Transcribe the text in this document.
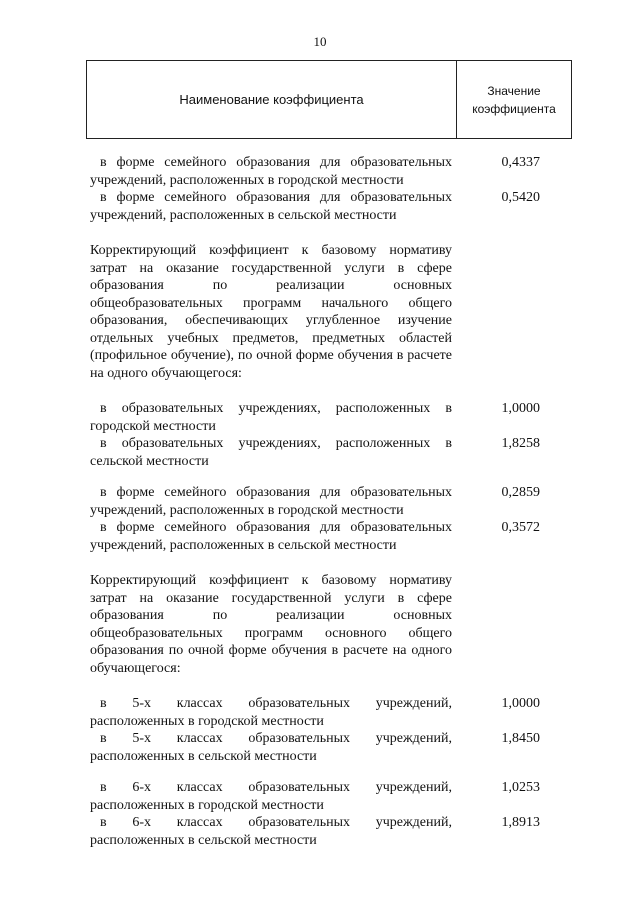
10
Наименование коэффициента
Значение
коэффициента
в форме семейного образования для образовательных учреждений, расположенных в городской местности
0,4337
в форме семейного образования для образовательных учреждений, расположенных в сельской местности
0,5420
Корректирующий коэффициент к базовому нормативу затрат на оказание государственной услуги в сфере образования по реализации основных общеобразовательных программ начального общего образования, обеспечивающих углубленное изучение отдельных учебных предметов, предметных областей (профильное обучение), по очной форме обучения в расчете на одного обучающегося:
в образовательных учреждениях, расположенных в городской местности
1,0000
в образовательных учреждениях, расположенных в сельской местности
1,8258
в форме семейного образования для образовательных учреждений, расположенных в городской местности
0,2859
в форме семейного образования для образовательных учреждений, расположенных в сельской местности
0,3572
Корректирующий коэффициент к базовому нормативу затрат на оказание государственной услуги в сфере образования по реализации основных общеобразовательных программ основного общего образования по очной форме обучения в расчете на одного обучающегося:
в 5-х классах образовательных учреждений, расположенных в городской местности
1,0000
в 5-х классах образовательных учреждений, расположенных в сельской местности
1,8450
в 6-х классах образовательных учреждений, расположенных в городской местности
1,0253
в 6-х классах образовательных учреждений, расположенных в сельской местности
1,8913
